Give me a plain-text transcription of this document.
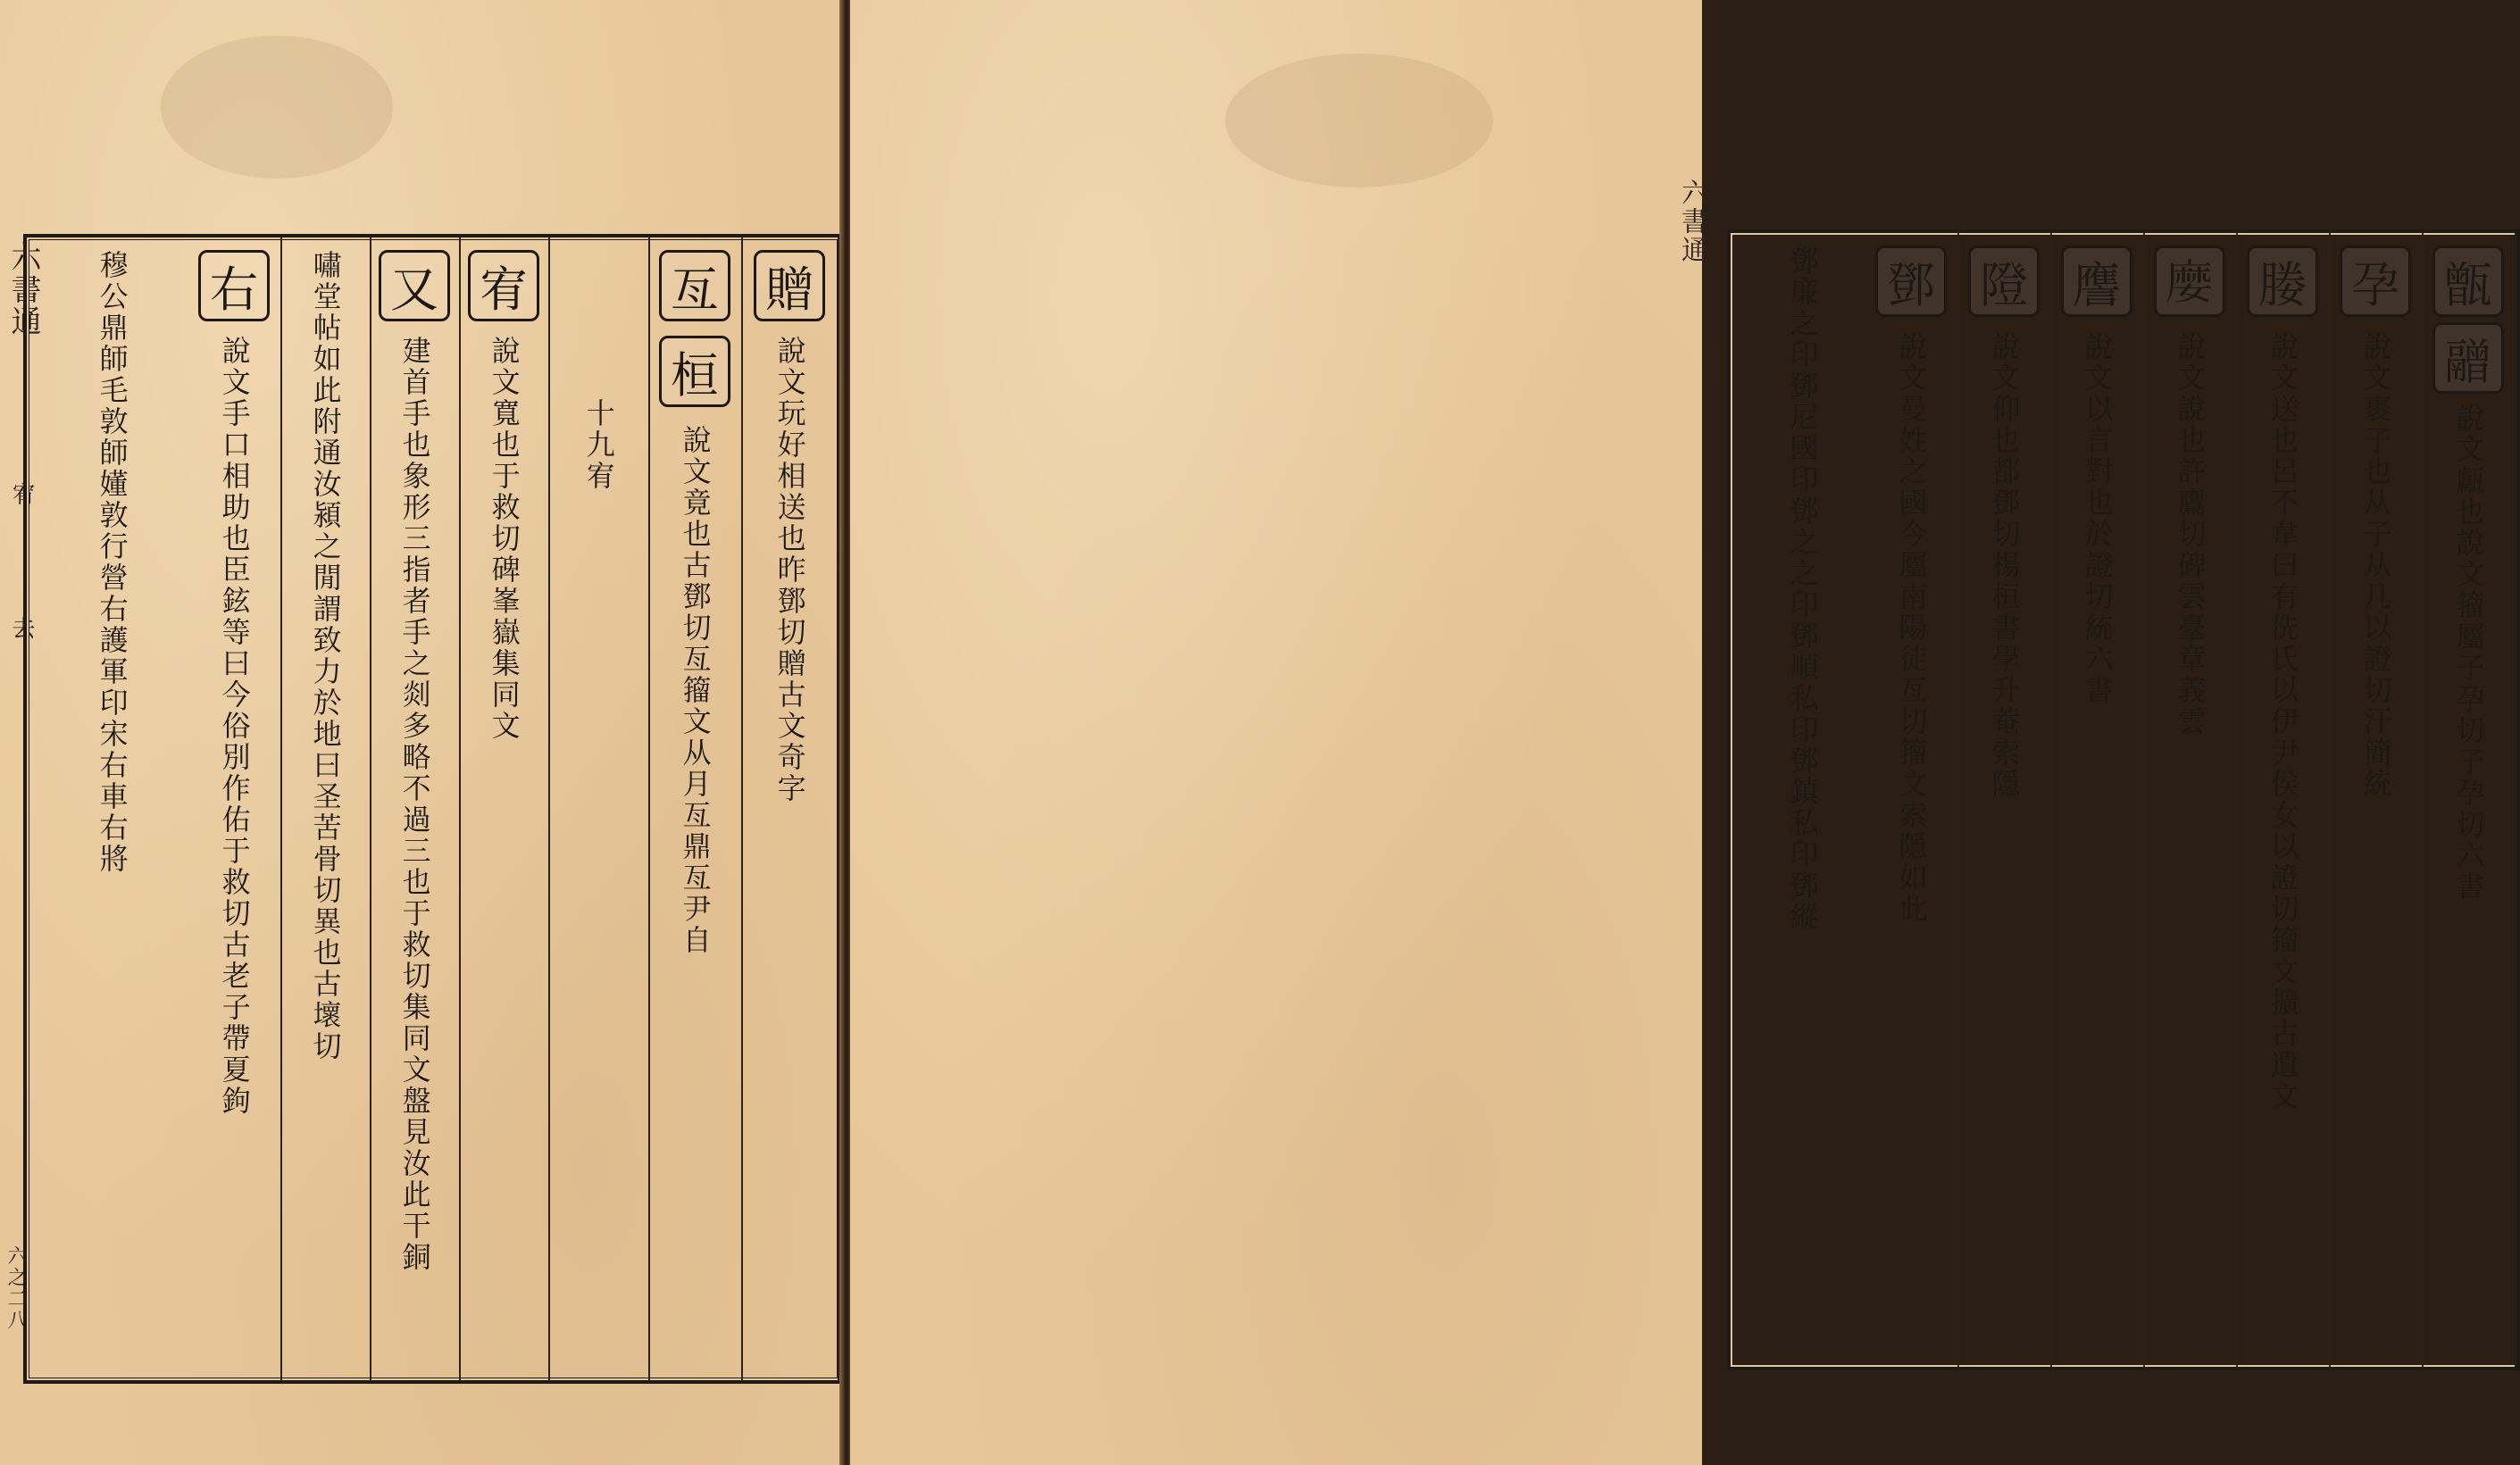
六書通
宥
去
六之二八
贈
說文玩好相送也昨鄧切贈古文奇字
亙
桓
說文竟也古鄧切亙籀文从月亙鼎亙尹自
十九宥
宥
說文寬也于救切碑峯嶽集同文
又
建首手也象形三指者手之剡多略不過三也于救切集同文盤見汝此干銅
嘯堂帖如此附通汝潁之閒謂致力於地曰圣苦骨切異也古壞切
右
說文手口相助也臣鉉等曰今俗別作佑于救切古老子帶夏鉤
穆公鼎師毛敦師嬞敦行營右護軍印宋右車右將
六書通
甑
䰝
說文甗也說文籀屬子孕切子孕切六書
孕
說文裹子也从子从几以證切汗簡統
媵
說文送也呂不韋曰有侁氏以伊尹侯女以證切籀文擴古遺文
𡡉
說文說也許鷹切碑雲臺章義雲
譍
說文以言對也於證切統六書
隥
說文仰也都鄧切楊桓書學升菴索隱
鄧
說文曼姓之國今屬南陽徒亙切籀文索隱如此
鄧廉之印鄧尼國印鄧之之印鄧順私印鄧鎮私印鄧縱
